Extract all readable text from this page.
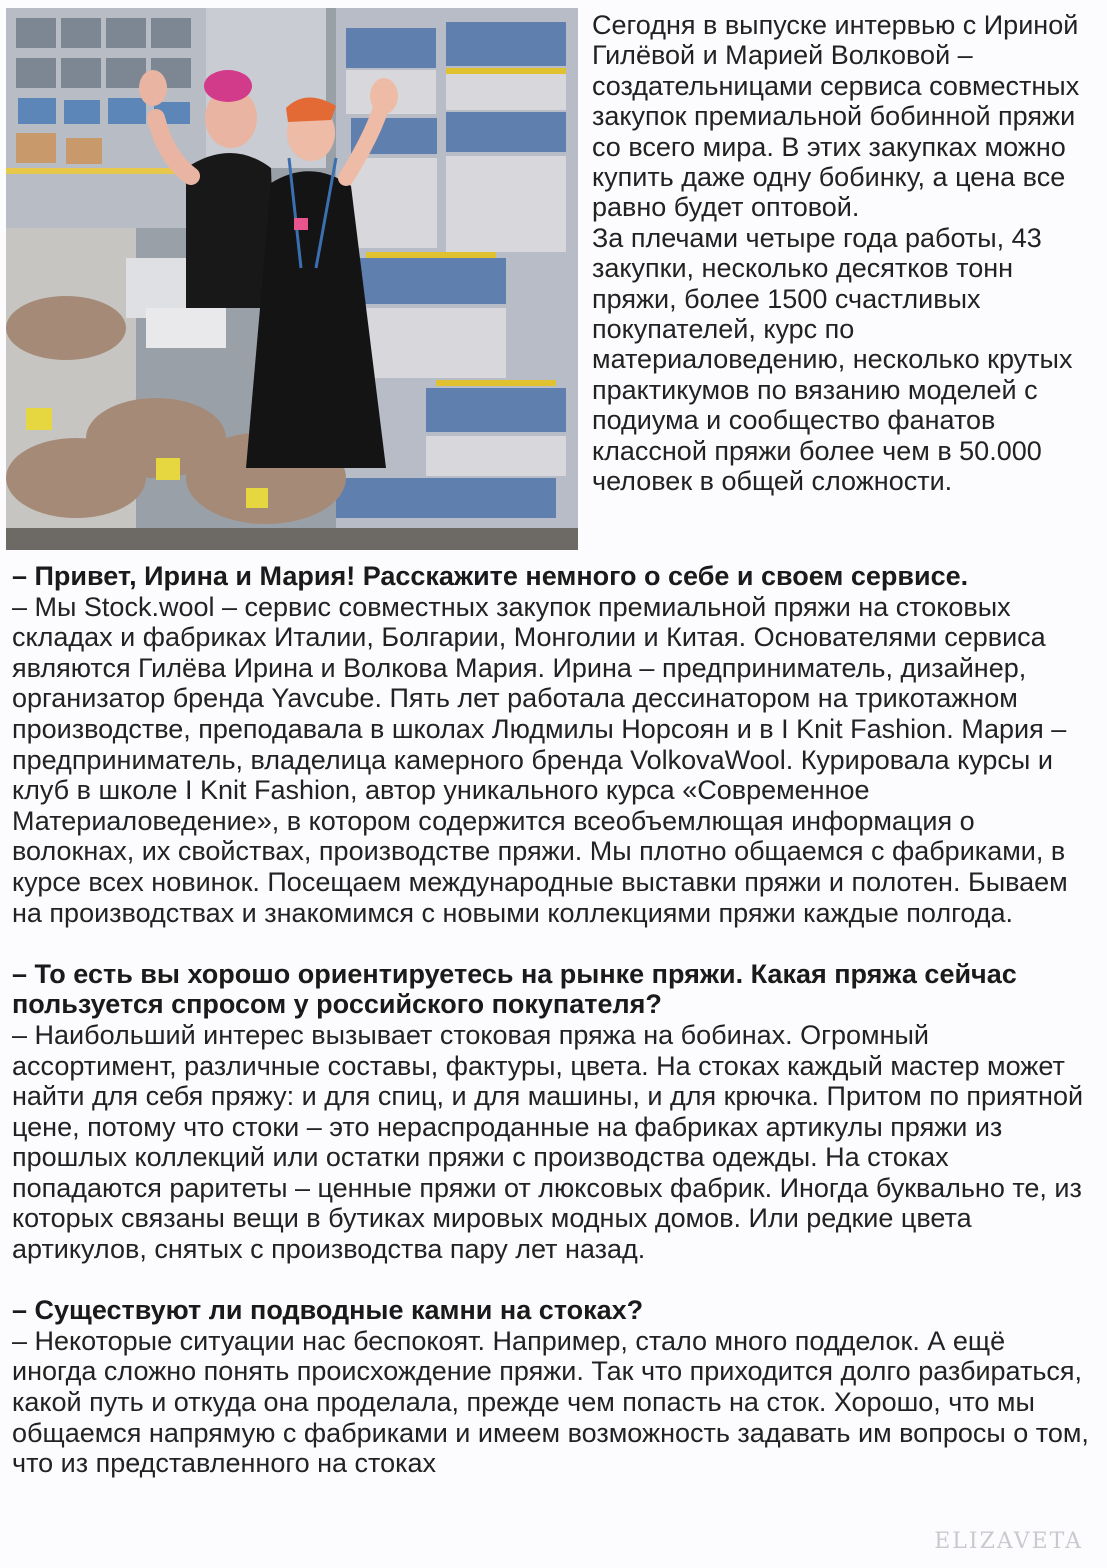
Сегодня в выпуске интервью с Ириной Гилёвой и Марией Волковой – создательницами сервиса совместных закупок премиальной бобинной пряжи со всего мира. В этих закупках можно купить даже одну бобинку, а цена все равно будет оптовой.

За плечами четыре года работы, 43 закупки, несколько десятков тонн пряжи, более 1500 счастливых покупателей, курс по материаловедению, несколько крутых практикумов по вязанию моделей с подиума и сообщество фанатов классной пряжи более чем в 50.000 человек в общей сложности.

– Привет, Ирина и Мария! Расскажите немного о себе и своем сервисе.

– Мы Stock.wool – сервис совместных закупок премиальной пряжи на стоковых складах и фабриках Италии, Болгарии, Монголии и Китая. Основателями сервиса являются Гилёва Ирина и Волкова Мария. Ирина – предприниматель, дизайнер, организатор бренда Yavcube. Пять лет работала дессинатором на трикотажном производстве, преподавала в школах Людмилы Норсоян и в I Knit Fashion. Мария – предприниматель, владелица камерного бренда VolkovaWool. Курировала курсы и клуб в школе I Knit Fashion, автор уникального курса «Современное Материаловедение», в котором содержится всеобъемлющая информация о волокнах, их свойствах, производстве пряжи. Мы плотно общаемся с фабриками, в курсе всех новинок. Посещаем международные выставки пряжи и полотен. Бываем на производствах и знакомимся с новыми коллекциями пряжи каждые полгода.

– То есть вы хорошо ориентируетесь на рынке пряжи. Какая пряжа сейчас пользуется спросом у российского покупателя?

– Наибольший интерес вызывает стоковая пряжа на бобинах. Огромный ассортимент, различные составы, фактуры, цвета. На стоках каждый мастер может найти для себя пряжу: и для спиц, и для машины, и для крючка. Притом по приятной цене, потому что стоки – это нераспроданные на фабриках артикулы пряжи из прошлых коллекций или остатки пряжи с производства одежды. На стоках попадаются раритеты – ценные пряжи от люксовых фабрик. Иногда буквально те, из которых связаны вещи в бутиках мировых модных домов. Или редкие цвета артикулов, снятых с производства пару лет назад.

– Существуют ли подводные камни на стоках?

– Некоторые ситуации нас беспокоят. Например, стало много подделок. А ещё иногда сложно понять происхождение пряжи. Так что приходится долго разбираться, какой путь и откуда она проделала, прежде чем попасть на сток. Хорошо, что мы общаемся напрямую с фабриками и имеем возможность задавать им вопросы о том, что из представленного на стоках

ELIZAVETA
